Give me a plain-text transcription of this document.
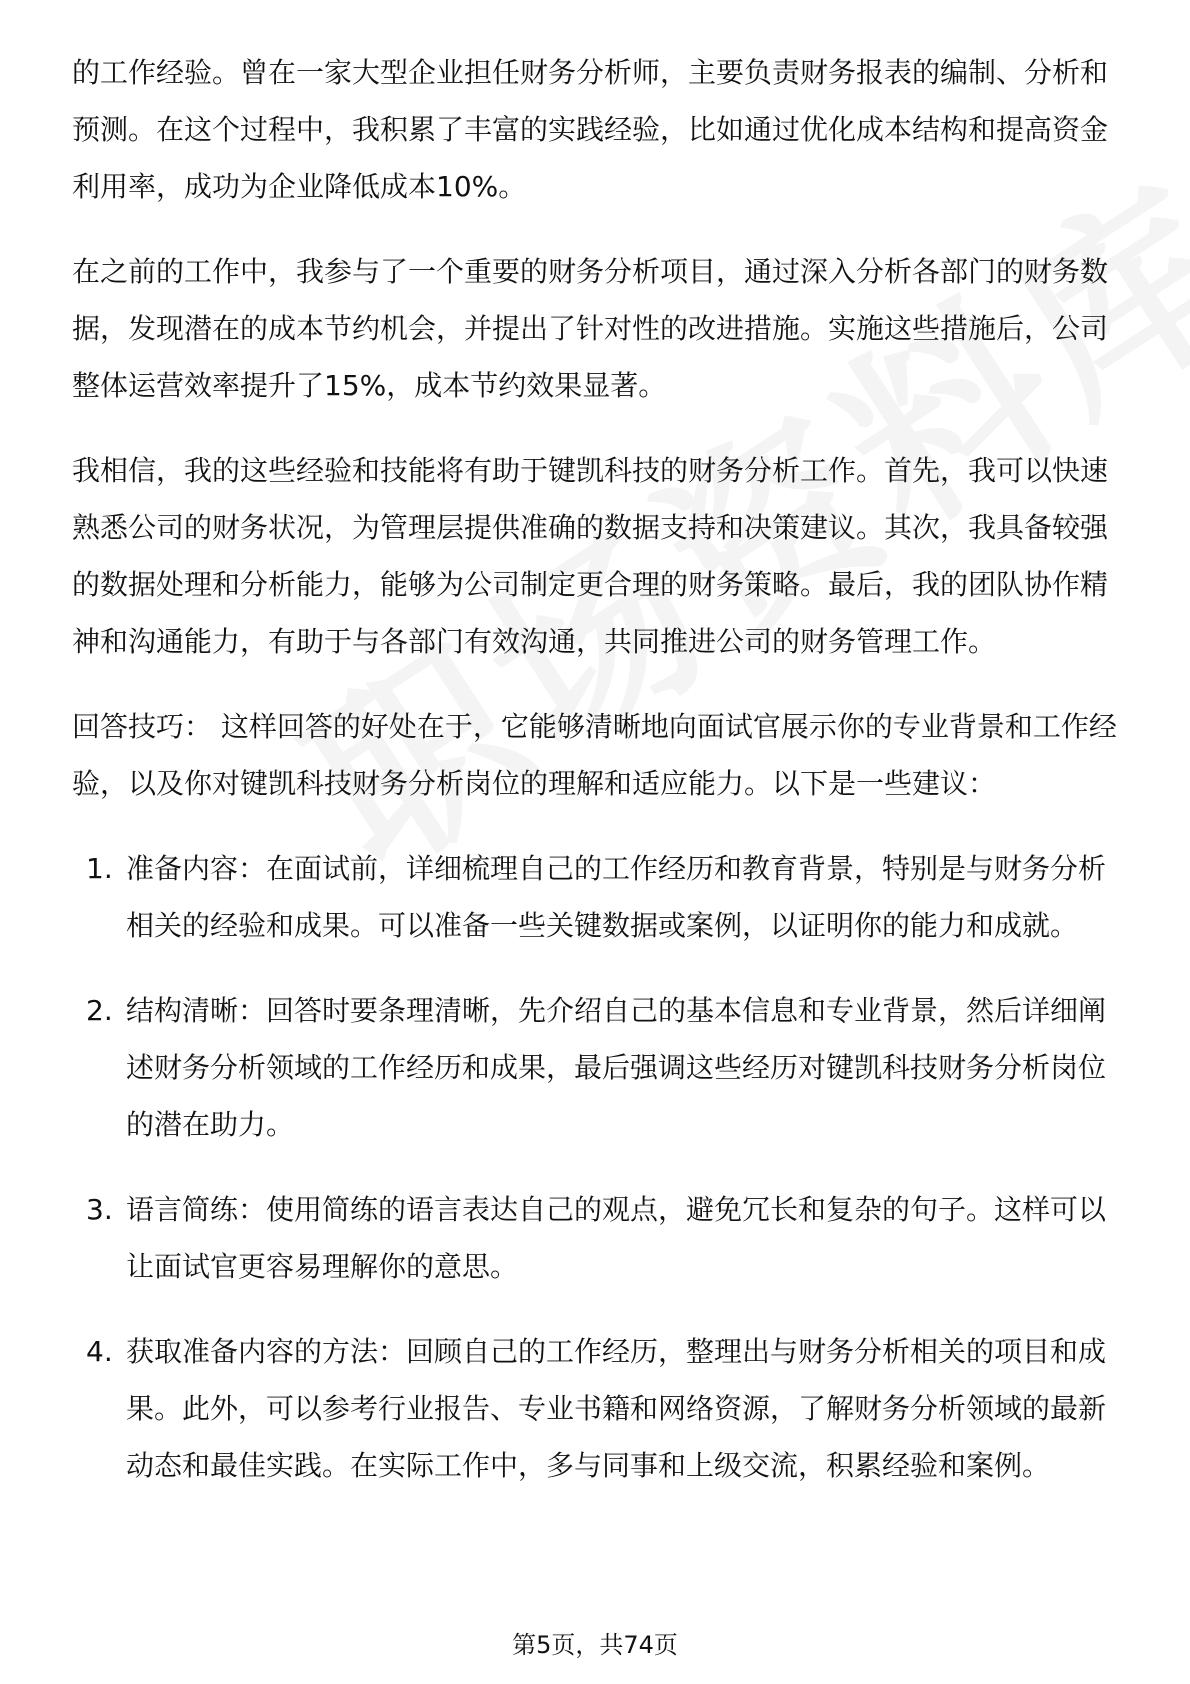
的工作经验。曾在一家大型企业担任财务分析师，主要负责财务报表的编制、分析和预测。在这个过程中，我积累了丰富的实践经验，比如通过优化成本结构和提高资金利用率，成功为企业降低成本10%。

在之前的工作中，我参与了一个重要的财务分析项目，通过深入分析各部门的财务数据，发现潜在的成本节约机会，并提出了针对性的改进措施。实施这些措施后，公司整体运营效率提升了15%，成本节约效果显著。

我相信，我的这些经验和技能将有助于键凯科技的财务分析工作。首先，我可以快速熟悉公司的财务状况，为管理层提供准确的数据支持和决策建议。其次，我具备较强的数据处理和分析能力，能够为公司制定更合理的财务策略。最后，我的团队协作精神和沟通能力，有助于与各部门有效沟通，共同推进公司的财务管理工作。

回答技巧： 这样回答的好处在于，它能够清晰地向面试官展示你的专业背景和工作经验，以及你对键凯科技财务分析岗位的理解和适应能力。以下是一些建议：

1. 准备内容：在面试前，详细梳理自己的工作经历和教育背景，特别是与财务分析相关的经验和成果。可以准备一些关键数据或案例，以证明你的能力和成就。
2. 结构清晰：回答时要条理清晰，先介绍自己的基本信息和专业背景，然后详细阐述财务分析领域的工作经历和成果，最后强调这些经历对键凯科技财务分析岗位的潜在助力。
3. 语言简练：使用简练的语言表达自己的观点，避免冗长和复杂的句子。这样可以让面试官更容易理解你的意思。
4. 获取准备内容的方法：回顾自己的工作经历，整理出与财务分析相关的项目和成果。此外，可以参考行业报告、专业书籍和网络资源，了解财务分析领域的最新动态和最佳实践。在实际工作中，多与同事和上级交流，积累经验和案例。
第5页，共74页
